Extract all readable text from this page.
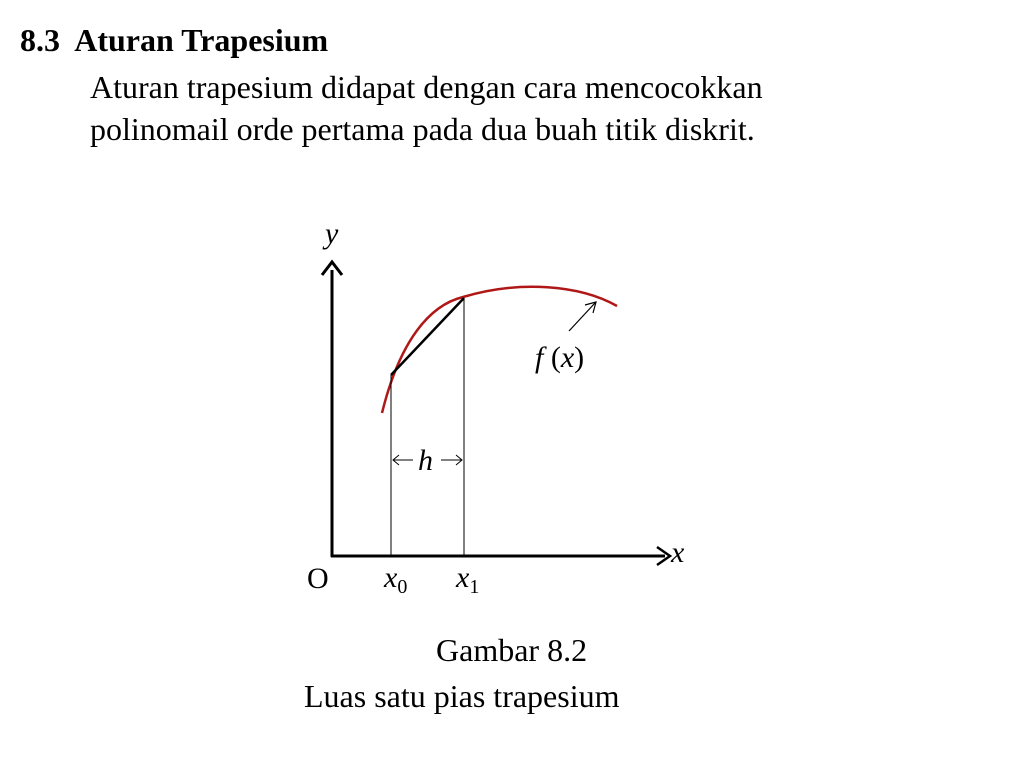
8.3 Aturan Trapesium
Aturan trapesium didapat dengan cara mencocokkan
polinomail orde pertama pada dua buah titik diskrit.
y
x
O $x_0$ $x_1$
h
f (x)
Gambar 8.2
Luas satu pias trapesium
